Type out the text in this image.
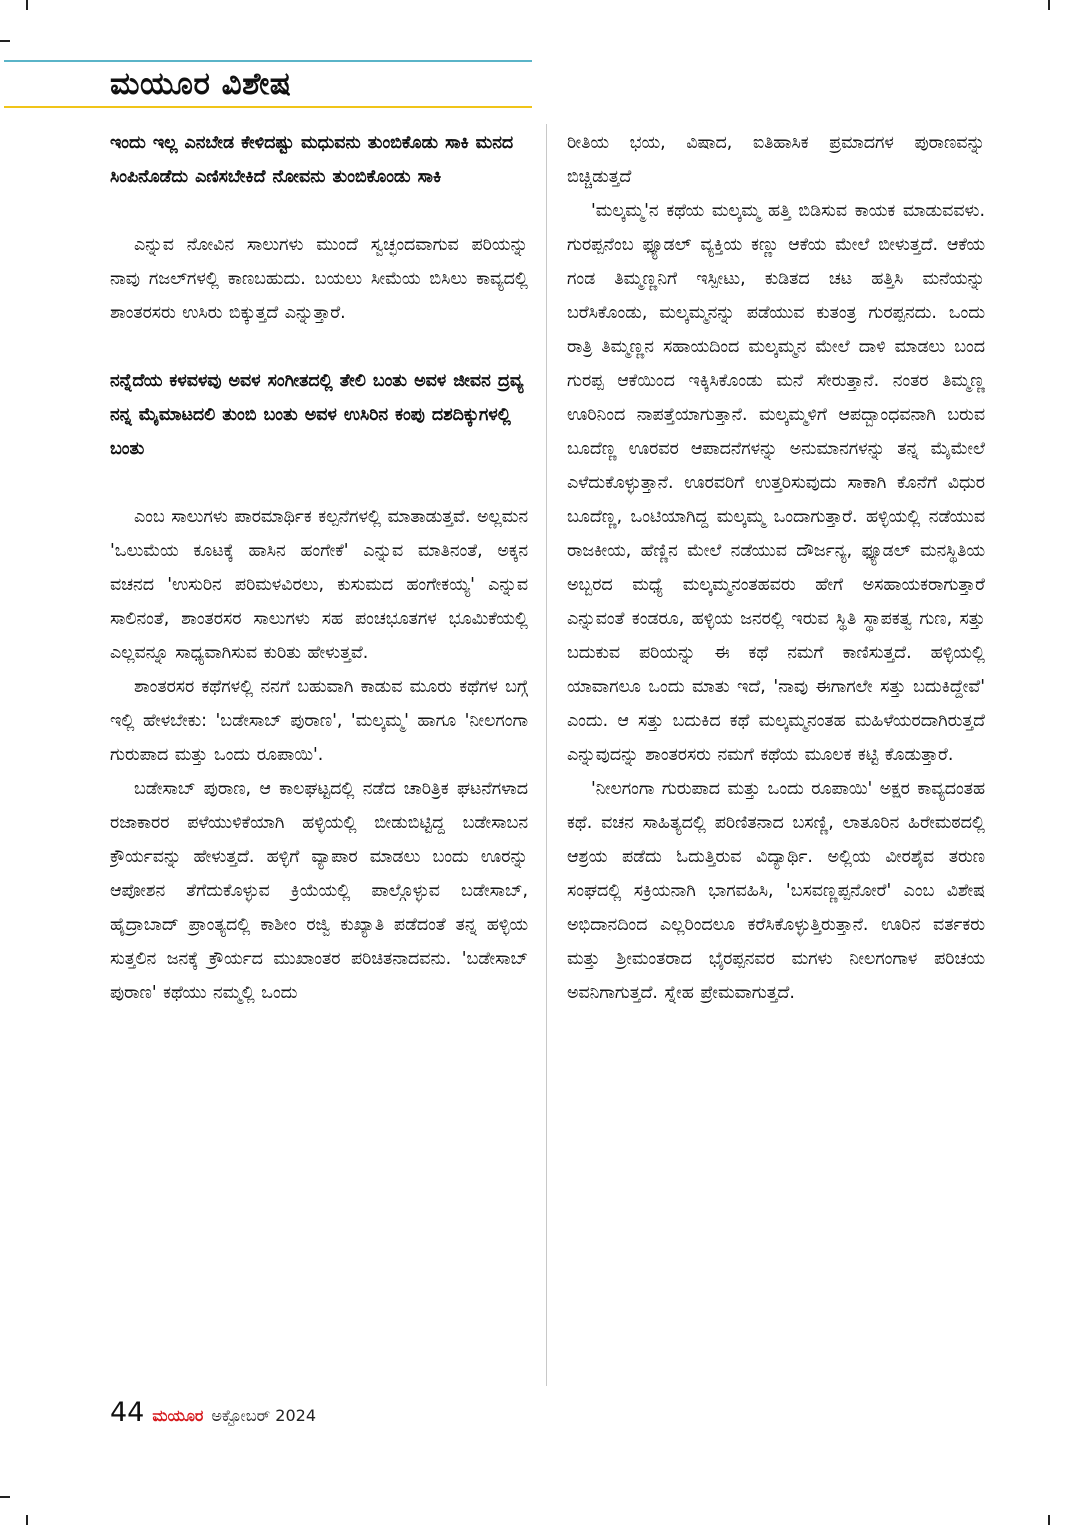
ಮಯೂರ ವಿಶೇಷ

ಇಂದು ಇಲ್ಲ ಎನಬೇಡ ಕೇಳಿದಷ್ಟು ಮಧುವನು ತುಂಬಿಕೊಡು ಸಾಕಿ ಮನದ ಸಿಂಪಿನೊಡೆದು ಎಣಿಸಬೇಕಿದೆ ನೋವನು ತುಂಬಿಕೊಂಡು ಸಾಕಿ

ಎನ್ನುವ ನೋವಿನ ಸಾಲುಗಳು ಮುಂದೆ ಸ್ವಚ್ಛಂದವಾಗುವ ಪರಿಯನ್ನು ನಾವು ಗಜಲ್‌ಗಳಲ್ಲಿ ಕಾಣಬಹುದು. ಬಯಲು ಸೀಮೆಯ ಬಿಸಿಲು ಕಾವ್ಯದಲ್ಲಿ ಶಾಂತರಸರು ಉಸಿರು ಬಿಕ್ಕುತ್ತದೆ ಎನ್ನುತ್ತಾರೆ.

ನನ್ನೆದೆಯ ಕಳವಳವು ಅವಳ ಸಂಗೀತದಲ್ಲಿ ತೇಲಿ ಬಂತು ಅವಳ ಜೀವನ ದ್ರವ್ಯ ನನ್ನ ಮೈಮಾಟದಲಿ ತುಂಬಿ ಬಂತು ಅವಳ ಉಸಿರಿನ ಕಂಪು ದಶದಿಕ್ಕುಗಳಲ್ಲಿ ಬಂತು

ಎಂಬ ಸಾಲುಗಳು ಪಾರಮಾರ್ಥಿಕ ಕಲ್ಪನೆಗಳಲ್ಲಿ ಮಾತಾಡುತ್ತವೆ. ಅಲ್ಲಮನ 'ಒಲುಮೆಯ ಕೂಟಕ್ಕೆ ಹಾಸಿನ ಹಂಗೇಕೆ' ಎನ್ನುವ ಮಾತಿನಂತೆ, ಅಕ್ಕನ ವಚನದ 'ಉಸುರಿನ ಪರಿಮಳವಿರಲು, ಕುಸುಮದ ಹಂಗೇಕಯ್ಯ' ಎನ್ನುವ ಸಾಲಿನಂತೆ, ಶಾಂತರಸರ ಸಾಲುಗಳು ಸಹ ಪಂಚಭೂತಗಳ ಭೂಮಿಕೆಯಲ್ಲಿ ಎಲ್ಲವನ್ನೂ ಸಾಧ್ಯವಾಗಿಸುವ ಕುರಿತು ಹೇಳುತ್ತವೆ.

ಶಾಂತರಸರ ಕಥೆಗಳಲ್ಲಿ ನನಗೆ ಬಹುವಾಗಿ ಕಾಡುವ ಮೂರು ಕಥೆಗಳ ಬಗ್ಗೆ ಇಲ್ಲಿ ಹೇಳಬೇಕು: 'ಬಡೇಸಾಬ್ ಪುರಾಣ', 'ಮಲ್ಕಮ್ಮ' ಹಾಗೂ 'ನೀಲಗಂಗಾ ಗುರುಪಾದ ಮತ್ತು ಒಂದು ರೂಪಾಯಿ'.

ಬಡೇಸಾಬ್ ಪುರಾಣ, ಆ ಕಾಲಘಟ್ಟದಲ್ಲಿ ನಡೆದ ಚಾರಿತ್ರಿಕ ಘಟನೆಗಳಾದ ರಜಾಕಾರರ ಪಳೆಯುಳಿಕೆಯಾಗಿ ಹಳ್ಳಿಯಲ್ಲಿ ಬೀಡುಬಿಟ್ಟಿದ್ದ ಬಡೇಸಾಬನ ಕ್ರೌರ್ಯವನ್ನು ಹೇಳುತ್ತದೆ. ಹಳ್ಳಿಗೆ ವ್ಯಾಪಾರ ಮಾಡಲು ಬಂದು ಊರನ್ನು ಆಪೋಶನ ತೆಗೆದುಕೊಳ್ಳುವ ಕ್ರಿಯೆಯಲ್ಲಿ ಪಾಲ್ಗೊಳ್ಳುವ ಬಡೇಸಾಬ್, ಹೈದ್ರಾಬಾದ್ ಪ್ರಾಂತ್ಯದಲ್ಲಿ ಕಾಶೀಂ ರಜ್ವಿ ಕುಖ್ಯಾತಿ ಪಡೆದಂತೆ ತನ್ನ ಹಳ್ಳಿಯ ಸುತ್ತಲಿನ ಜನಕ್ಕೆ ಕ್ರೌರ್ಯದ ಮುಖಾಂತರ ಪರಿಚಿತನಾದವನು. 'ಬಡೇಸಾಬ್ ಪುರಾಣ' ಕಥೆಯು ನಮ್ಮಲ್ಲಿ ಒಂದು

ರೀತಿಯ ಭಯ, ವಿಷಾದ, ಐತಿಹಾಸಿಕ ಪ್ರಮಾದಗಳ ಪುರಾಣವನ್ನು ಬಿಚ್ಚಿಡುತ್ತದೆ

'ಮಲ್ಕಮ್ಮ'ನ ಕಥೆಯ ಮಲ್ಕಮ್ಮ ಹತ್ತಿ ಬಿಡಿಸುವ ಕಾಯಕ ಮಾಡುವವಳು. ಗುರಪ್ಪನೆಂಬ ಫ್ಯೂಡಲ್ ವ್ಯಕ್ತಿಯ ಕಣ್ಣು ಆಕೆಯ ಮೇಲೆ ಬೀಳುತ್ತದೆ. ಆಕೆಯ ಗಂಡ ತಿಮ್ಮಣ್ಣನಿಗೆ ಇಸ್ಪೀಟು, ಕುಡಿತದ ಚಟ ಹತ್ತಿಸಿ ಮನೆಯನ್ನು ಬರೆಸಿಕೊಂಡು, ಮಲ್ಕಮ್ಮನನ್ನು ಪಡೆಯುವ ಕುತಂತ್ರ ಗುರಪ್ಪನದು. ಒಂದು ರಾತ್ರಿ ತಿಮ್ಮಣ್ಣನ ಸಹಾಯದಿಂದ ಮಲ್ಕಮ್ಮನ ಮೇಲೆ ದಾಳಿ ಮಾಡಲು ಬಂದ ಗುರಪ್ಪ ಆಕೆಯಿಂದ ಇಕ್ಕಿಸಿಕೊಂಡು ಮನೆ ಸೇರುತ್ತಾನೆ. ನಂತರ ತಿಮ್ಮಣ್ಣ ಊರಿನಿಂದ ನಾಪತ್ತೆಯಾಗುತ್ತಾನೆ. ಮಲ್ಕಮ್ಮಳಿಗೆ ಆಪದ್ಬಾಂಧವನಾಗಿ ಬರುವ ಬೂದೆಣ್ಣ ಊರವರ ಆಪಾದನೆಗಳನ್ನು ಅನುಮಾನಗಳನ್ನು ತನ್ನ ಮೈಮೇಲೆ ಎಳೆದುಕೊಳ್ಳುತ್ತಾನೆ. ಊರವರಿಗೆ ಉತ್ತರಿಸುವುದು ಸಾಕಾಗಿ ಕೊನೆಗೆ ವಿಧುರ ಬೂದೆಣ್ಣ, ಒಂಟಿಯಾಗಿದ್ದ ಮಲ್ಕಮ್ಮ ಒಂದಾಗುತ್ತಾರೆ. ಹಳ್ಳಿಯಲ್ಲಿ ನಡೆಯುವ ರಾಜಕೀಯ, ಹೆಣ್ಣಿನ ಮೇಲೆ ನಡೆಯುವ ದೌರ್ಜನ್ಯ, ಫ್ಯೂಡಲ್ ಮನಸ್ಥಿತಿಯ ಅಬ್ಬರದ ಮಧ್ಯೆ ಮಲ್ಕಮ್ಮನಂತಹವರು ಹೇಗೆ ಅಸಹಾಯಕರಾಗುತ್ತಾರೆ ಎನ್ನುವಂತೆ ಕಂಡರೂ, ಹಳ್ಳಿಯ ಜನರಲ್ಲಿ ಇರುವ ಸ್ಥಿತಿ ಸ್ಥಾಪಕತ್ವ ಗುಣ, ಸತ್ತು ಬದುಕುವ ಪರಿಯನ್ನು ಈ ಕಥೆ ನಮಗೆ ಕಾಣಿಸುತ್ತದೆ. ಹಳ್ಳಿಯಲ್ಲಿ ಯಾವಾಗಲೂ ಒಂದು ಮಾತು ಇದೆ, 'ನಾವು ಈಗಾಗಲೇ ಸತ್ತು ಬದುಕಿದ್ದೇವೆ' ಎಂದು. ಆ ಸತ್ತು ಬದುಕಿದ ಕಥೆ ಮಲ್ಕಮ್ಮನಂತಹ ಮಹಿಳೆಯರದಾಗಿರುತ್ತದೆ ಎನ್ನುವುದನ್ನು ಶಾಂತರಸರು ನಮಗೆ ಕಥೆಯ ಮೂಲಕ ಕಟ್ಟಿ ಕೊಡುತ್ತಾರೆ.

'ನೀಲಗಂಗಾ ಗುರುಪಾದ ಮತ್ತು ಒಂದು ರೂಪಾಯಿ' ಅಕ್ಷರ ಕಾವ್ಯದಂತಹ ಕಥೆ. ವಚನ ಸಾಹಿತ್ಯದಲ್ಲಿ ಪರಿಣಿತನಾದ ಬಸಣ್ಣಿ, ಲಾತೂರಿನ ಹಿರೇಮಠದಲ್ಲಿ ಆಶ್ರಯ ಪಡೆದು ಓದುತ್ತಿರುವ ವಿದ್ಯಾರ್ಥಿ. ಅಲ್ಲಿಯ ವೀರಶೈವ ತರುಣ ಸಂಘದಲ್ಲಿ ಸಕ್ರಿಯನಾಗಿ ಭಾಗವಹಿಸಿ, 'ಬಸವಣ್ಣಪ್ಪನೋರೆ' ಎಂಬ ವಿಶೇಷ ಅಭಿದಾನದಿಂದ ಎಲ್ಲರಿಂದಲೂ ಕರೆಸಿಕೊಳ್ಳುತ್ತಿರುತ್ತಾನೆ. ಊರಿನ ವರ್ತಕರು ಮತ್ತು ಶ್ರೀಮಂತರಾದ ಭೈರಪ್ಪನವರ ಮಗಳು ನೀಲಗಂಗಾಳ ಪರಿಚಯ ಅವನಿಗಾಗುತ್ತದೆ. ಸ್ನೇಹ ಪ್ರೇಮವಾಗುತ್ತದೆ.

44 ಮಯೂರ ಅಕ್ಟೋಬರ್ 2024
